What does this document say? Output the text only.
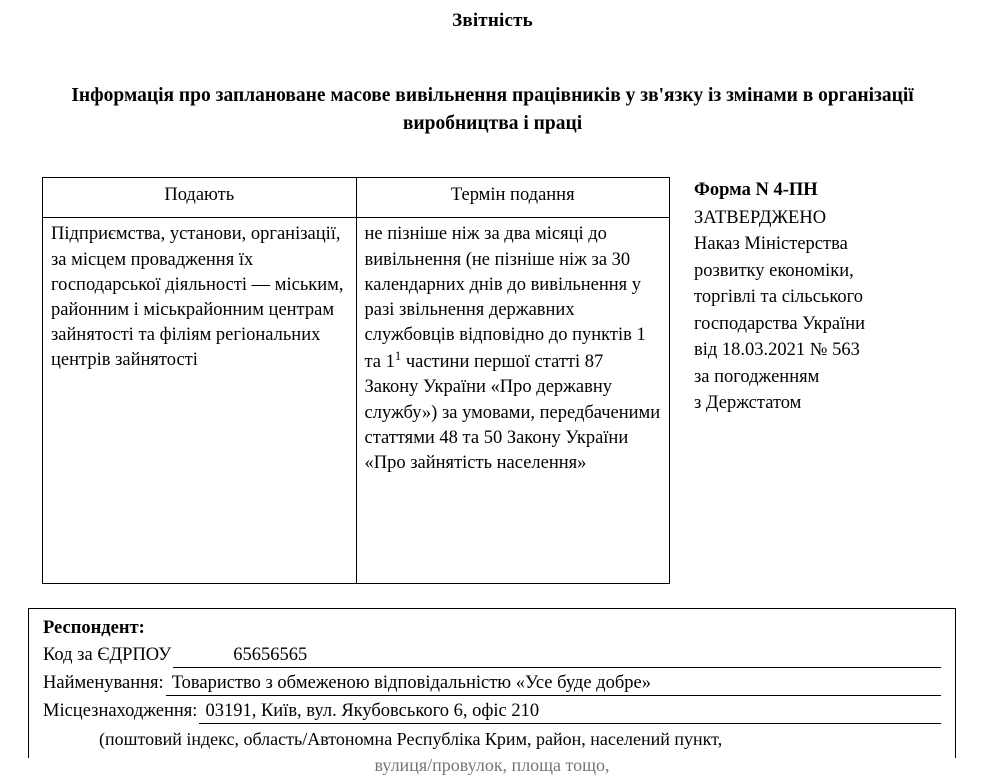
Звітність
Інформація про заплановане масове вивільнення працівників у зв'язку із змінами в організації виробництва і праці
Подають	Термін подання

Підприємства, установи, організації, за місцем провадження їх господарської діяльності — міським, районним і міськрайонним центрам зайнятості та філіям регіональних центрів зайнятості	не пізніше ніж за два місяці до вивільнення (не пізніше ніж за 30 календарних днів до вивільнення у разі звільнення державних службовців відповідно до пунктів 1 та $1^1$ частини першої статті 87 Закону України «Про державну службу») за умовами, передбаченими статтями 48 та 50 Закону України «Про зайнятість населення»

Форма N 4-ПН
ЗАТВЕРДЖЕНО
Наказ Міністерства
розвитку економіки,
торгівлі та сільського
господарства України
від 18.03.2021 № 563
за погодженням
з Держстатом
Респондент:
Код за ЄДРПОУ	65656565
Найменування: Товариство з обмеженою відповідальністю «Усе буде добре»
Місцезнаходження: 03191, Київ, вул. Якубовського 6, офіс 210
(поштовий індекс, область/Автономна Республіка Крим, район, населений пункт,
вулиця/провулок, площа тощо,
